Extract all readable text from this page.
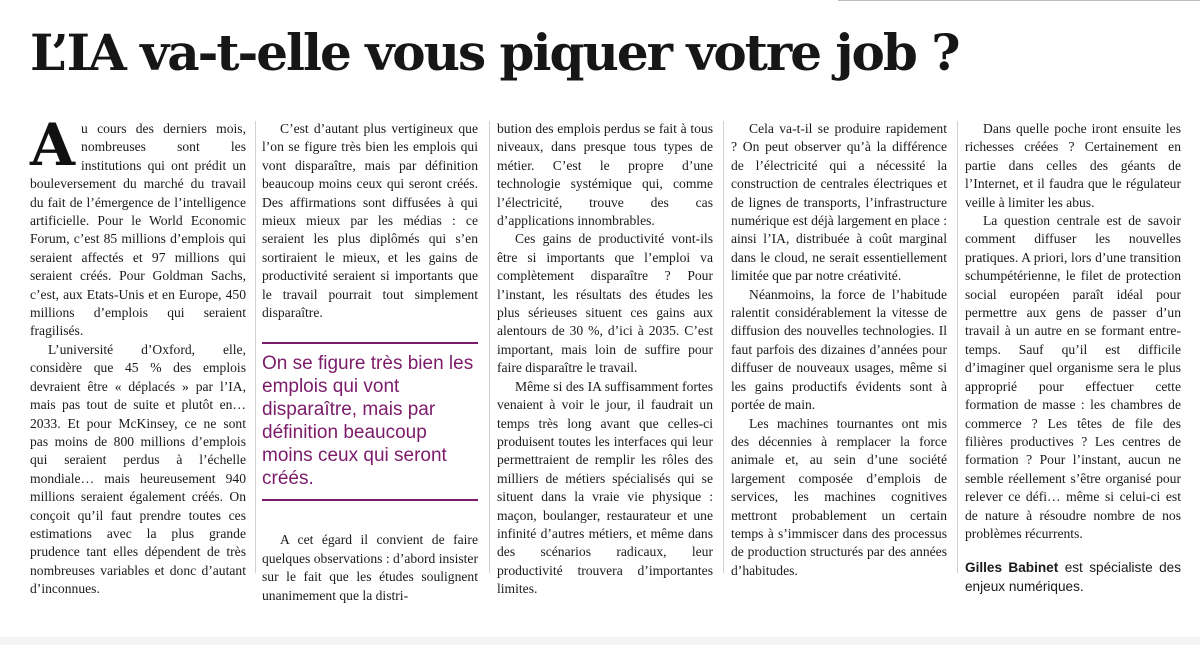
L’IA va-t-elle vous piquer votre job ?

Au cours des derniers mois, nombreuses sont les institutions qui ont prédit un bouleversement du marché du travail du fait de l’émergence de l’intelligence artificielle. Pour le World Economic Forum, c’est 85 millions d’emplois qui seraient affectés et 97 millions qui seraient créés. Pour Goldman Sachs, c’est, aux Etats-Unis et en Europe, 450 millions d’emplois qui seraient fragilisés.

L’université d’Oxford, elle, considère que 45 % des emplois devraient être « déplacés » par l’IA, mais pas tout de suite et plutôt en… 2033. Et pour McKinsey, ce ne sont pas moins de 800 millions d’emplois qui seraient perdus à l’échelle mondiale… mais heureusement 940 millions seraient également créés. On conçoit qu’il faut prendre toutes ces estimations avec la plus grande prudence tant elles dépendent de très nombreuses variables et donc d’autant d’inconnues.

C’est d’autant plus vertigineux que l’on se figure très bien les emplois qui vont disparaître, mais par définition beaucoup moins ceux qui seront créés. Des affirmations sont diffusées à qui mieux mieux par les médias : ce seraient les plus diplômés qui s’en sortiraient le mieux, et les gains de productivité seraient si importants que le travail pourrait tout simplement disparaître.

On se figure très bien les emplois qui vont disparaître, mais par définition beaucoup moins ceux qui seront créés.

A cet égard il convient de faire quelques observations : d’abord insister sur le fait que les études soulignent unanimement que la distri-

bution des emplois perdus se fait à tous niveaux, dans presque tous types de métier. C’est le propre d’une technologie systémique qui, comme l’électricité, trouve des cas d’applications innombrables.

Ces gains de productivité vont-ils être si importants que l’emploi va complètement disparaître ? Pour l’instant, les résultats des études les plus sérieuses situent ces gains aux alentours de 30 %, d’ici à 2035. C’est important, mais loin de suffire pour faire disparaître le travail.

Même si des IA suffisamment fortes venaient à voir le jour, il faudrait un temps très long avant que celles-ci produisent toutes les interfaces qui leur permettraient de remplir les rôles des milliers de métiers spécialisés qui se situent dans la vraie vie physique : maçon, boulanger, restaurateur et une infinité d’autres métiers, et même dans des scénarios radicaux, leur productivité trouvera d’importantes limites.

Cela va-t-il se produire rapidement ? On peut observer qu’à la différence de l’électricité qui a nécessité la construction de centrales électriques et de lignes de transports, l’infrastructure numérique est déjà largement en place : ainsi l’IA, distribuée à coût marginal dans le cloud, ne serait essentiellement limitée que par notre créativité.

Néanmoins, la force de l’habitude ralentit considérablement la vitesse de diffusion des nouvelles technologies. Il faut parfois des dizaines d’années pour diffuser de nouveaux usages, même si les gains productifs évidents sont à portée de main.

Les machines tournantes ont mis des décennies à remplacer la force animale et, au sein d’une société largement composée d’emplois de services, les machines cognitives mettront probablement un certain temps à s’immiscer dans des processus de production structurés par des années d’habitudes.

Dans quelle poche iront ensuite les richesses créées ? Certainement en partie dans celles des géants de l’Internet, et il faudra que le régulateur veille à limiter les abus.

La question centrale est de savoir comment diffuser les nouvelles pratiques. A priori, lors d’une transition schumpétérienne, le filet de protection social européen paraît idéal pour permettre aux gens de passer d’un travail à un autre en se formant entre-temps. Sauf qu’il est difficile d’imaginer quel organisme sera le plus approprié pour effectuer cette formation de masse : les chambres de commerce ? Les têtes de file des filières productives ? Les centres de formation ? Pour l’instant, aucun ne semble réellement s’être organisé pour relever ce défi… même si celui-ci est de nature à résoudre nombre de nos problèmes récurrents.

Gilles Babinet est spécialiste des enjeux numériques.
